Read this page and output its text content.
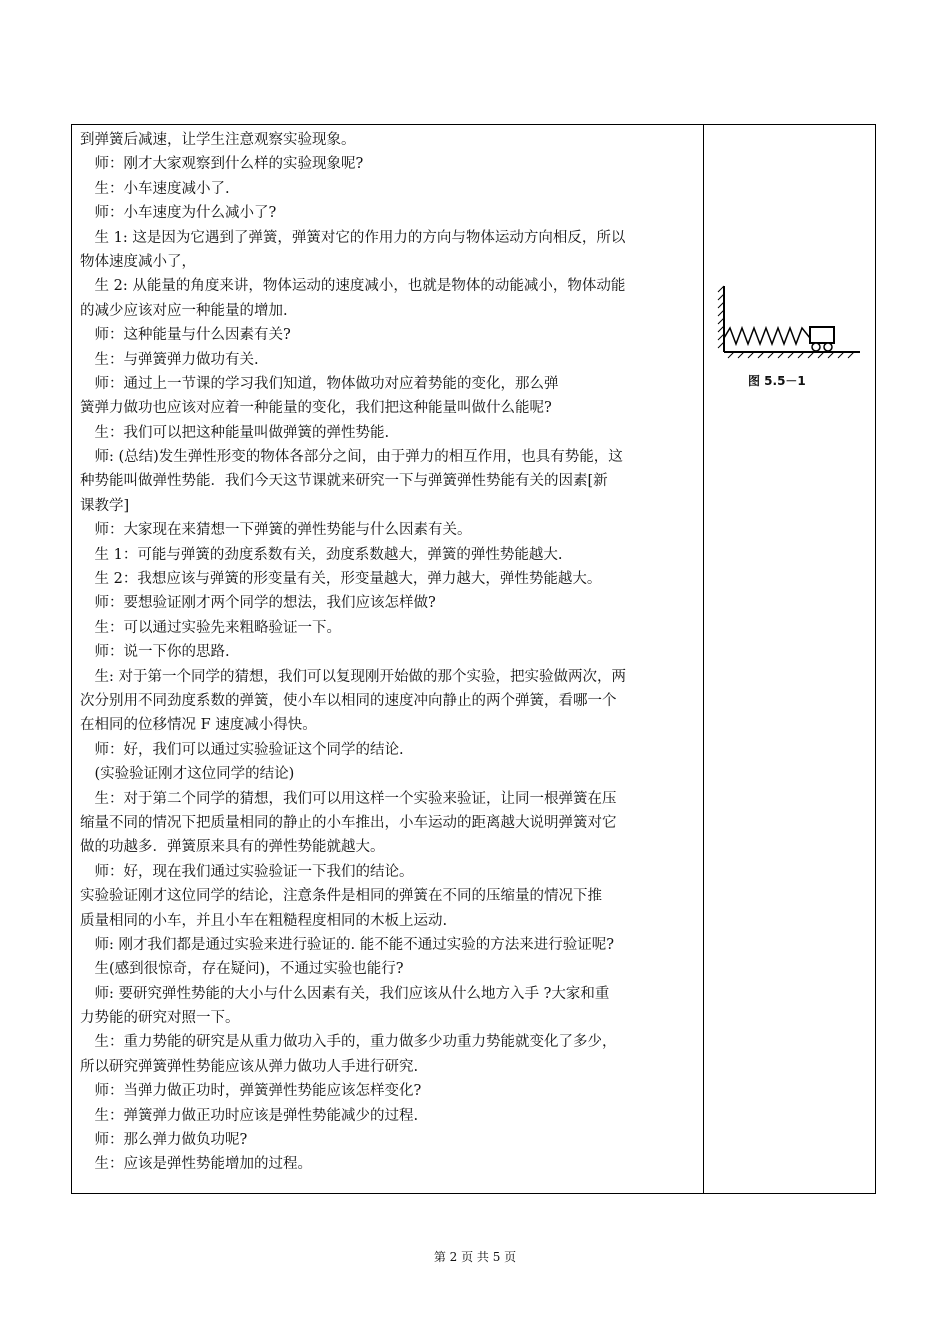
到弹簧后减速，让学生注意观察实验现象。
　师：刚才大家观察到什么样的实验现象呢?
　生：小车速度减小了.
　师：小车速度为什么减小了?
　生 1: 这是因为它遇到了弹簧，弹簧对它的作用力的方向与物体运动方向相反，所以
物体速度减小了，
　生 2: 从能量的角度来讲，物体运动的速度减小，也就是物体的动能减小，物体动能
的减少应该对应一种能量的增加.
　师：这种能量与什么因素有关?
　生：与弹簧弹力做功有关.
　师：通过上一节课的学习我们知道，物体做功对应着势能的变化，那么弹
簧弹力做功也应该对应着一种能量的变化，我们把这种能量叫做什么能呢?
　生：我们可以把这种能量叫做弹簧的弹性势能.
　师: (总结)发生弹性形变的物体各部分之间，由于弹力的相互作用，也具有势能，这
种势能叫做弹性势能．我们今天这节课就来研究一下与弹簧弹性势能有关的因素[新
课教学]
　师：大家现在来猜想一下弹簧的弹性势能与什么因素有关。
　生 1：可能与弹簧的劲度系数有关，劲度系数越大，弹簧的弹性势能越大.
　生 2：我想应该与弹簧的形变量有关，形变量越大，弹力越大，弹性势能越大。
　师：要想验证刚才两个同学的想法，我们应该怎样做?
　生：可以通过实验先来粗略验证一下。
　师：说一下你的思路.
　生: 对于第一个同学的猜想，我们可以复现刚开始做的那个实验，把实验做两次，两
次分别用不同劲度系数的弹簧，使小车以相同的速度冲向静止的两个弹簧，看哪一个
在相同的位移情况 F 速度减小得快。
　师：好，我们可以通过实验验证这个同学的结论.
　(实验验证刚才这位同学的结论)
　生：对于第二个同学的猜想，我们可以用这样一个实验来验证，让同一根弹簧在压
缩量不同的情况下把质量相同的静止的小车推出，小车运动的距离越大说明弹簧对它
做的功越多．弹簧原来具有的弹性势能就越大。
　师：好，现在我们通过实验验证一下我们的结论。
实验验证刚才这位同学的结论，注意条件是相同的弹簧在不同的压缩量的情况下推
质量相同的小车，并且小车在粗糙程度相同的木板上运动.
　师: 刚才我们都是通过实验来进行验证的. 能不能不通过实验的方法来进行验证呢?
　生(感到很惊奇，存在疑问)，不通过实验也能行?
　师: 要研究弹性势能的大小与什么因素有关，我们应该从什么地方入手 ?大家和重
力势能的研究对照一下。
　生：重力势能的研究是从重力做功入手的，重力做多少功重力势能就变化了多少，
所以研究弹簧弹性势能应该从弹力做功人手进行研究.
　师：当弹力做正功时，弹簧弹性势能应该怎样变化?
　生：弹簧弹力做正功时应该是弹性势能减少的过程.
　师：那么弹力做负功呢?
　生：应该是弹性势能增加的过程。
图 5.5－1
第 2 页 共 5 页
